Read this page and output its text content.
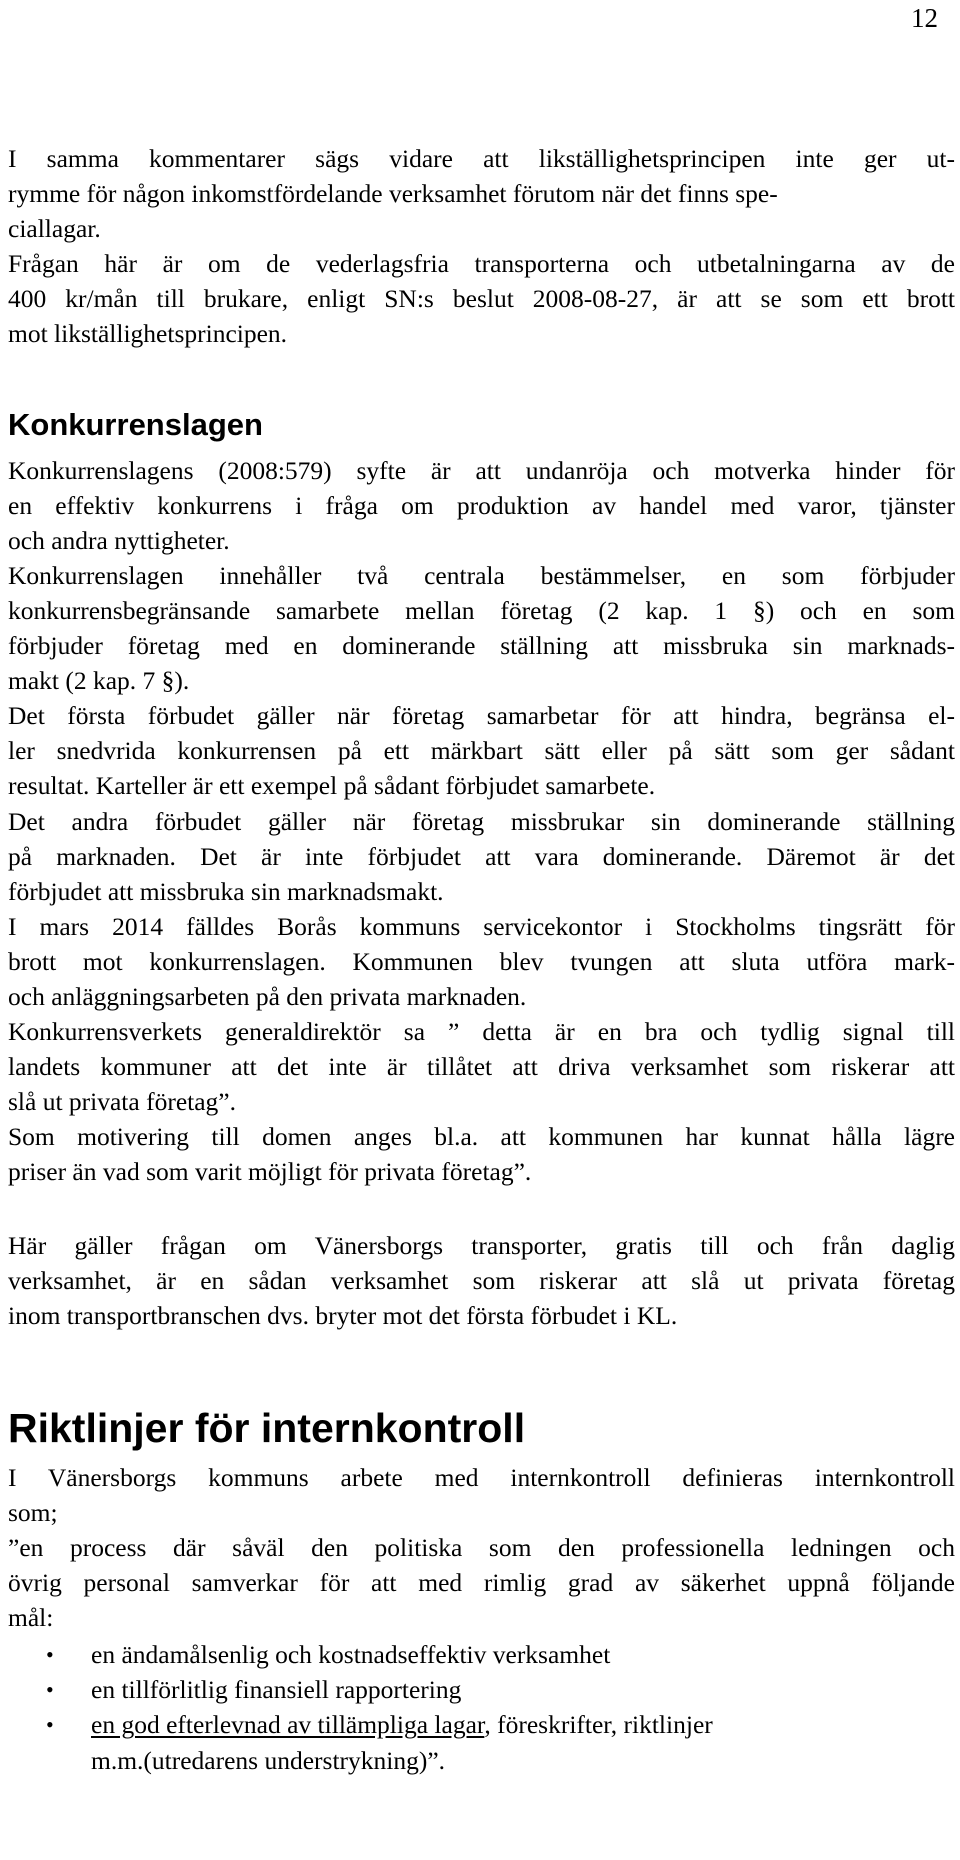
12

I samma kommentarer sägs vidare att likställighetsprincipen inte ger ut-
rymme för någon inkomstfördelande verksamhet förutom när det finns spe-
ciallagar.
Frågan här är om de vederlagsfria transporterna och utbetalningarna av de
400 kr/mån till brukare, enligt SN:s beslut 2008-08-27, är att se som ett brott
mot likställighetsprincipen.

Konkurrenslagen

Konkurrenslagens (2008:579) syfte är att undanröja och motverka hinder för
en effektiv konkurrens i fråga om produktion av handel med varor, tjänster
och andra nyttigheter.

Konkurrenslagen innehåller två centrala bestämmelser, en som förbjuder
konkurrensbegränsande samarbete mellan företag (2 kap. 1 §) och en som
förbjuder företag med en dominerande ställning att missbruka sin marknads-
makt (2 kap. 7 §).

Det första förbudet gäller när företag samarbetar för att hindra, begränsa el-
ler snedvrida konkurrensen på ett märkbart sätt eller på sätt som ger sådant
resultat. Karteller är ett exempel på sådant förbjudet samarbete.

Det andra förbudet gäller när företag missbrukar sin dominerande ställning
på marknaden. Det är inte förbjudet att vara dominerande. Däremot är det
förbjudet att missbruka sin marknadsmakt.

I mars 2014 fälldes Borås kommuns servicekontor i Stockholms tingsrätt för
brott mot konkurrenslagen. Kommunen blev tvungen att sluta utföra mark-
och anläggningsarbeten på den privata marknaden.

Konkurrensverkets generaldirektör sa ” detta är en bra och tydlig signal till
landets kommuner att det inte är tillåtet att driva verksamhet som riskerar att
slå ut privata företag”.

Som motivering till domen anges bl.a. att kommunen har kunnat hålla lägre
priser än vad som varit möjligt för privata företag”.

Här gäller frågan om Vänersborgs transporter, gratis till och från daglig
verksamhet, är en sådan verksamhet som riskerar att slå ut privata företag
inom transportbranschen dvs. bryter mot det första förbudet i KL.

Riktlinjer för internkontroll

I Vänersborgs kommuns arbete med internkontroll definieras internkontroll
som;

”en process där såväl den politiska som den professionella ledningen och
övrig personal samverkar för att med rimlig grad av säkerhet uppnå följande
mål:

• en ändamålsenlig och kostnadseffektiv verksamhet
• en tillförlitlig finansiell rapportering
• en god efterlevnad av tillämpliga lagar, föreskrifter, riktlinjer
m.m.(utredarens understrykning)”.
